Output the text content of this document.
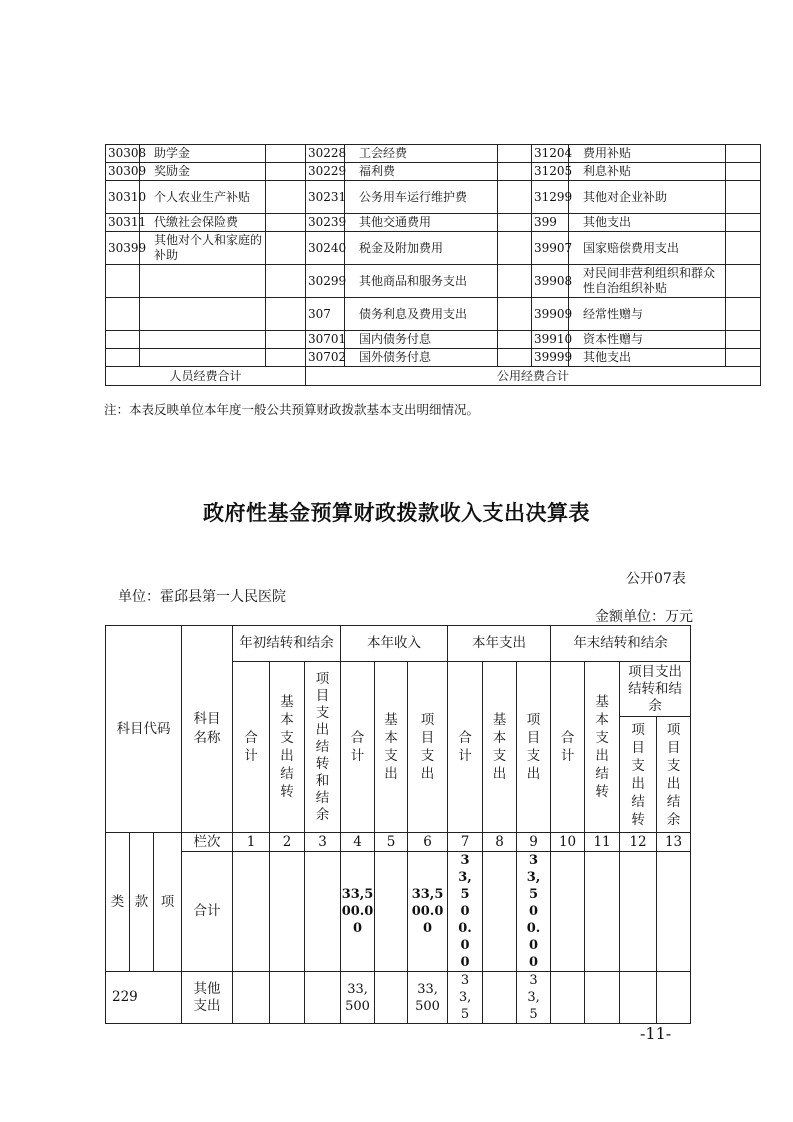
30308	助学金		30228	工会经费		31204	费用补贴	
30309	奖励金		30229	福利费		31205	利息补贴	
30310	个人农业生产补贴		30231	公务用车运行维护费		31299	其他对企业补助	
30311	代缴社会保险费		30239	其他交通费用		399	其他支出	
30399	其他对个人和家庭的补助		30240	税金及附加费用		39907	国家赔偿费用支出	
			30299	其他商品和服务支出		39908	对民间非营利组织和群众性自治组织补贴	
			307	债务利息及费用支出		39909	经常性赠与	
			30701	国内债务付息		39910	资本性赠与	
			30702	国外债务付息		39999	其他支出	
人员经费合计			公用经费合计					
注：本表反映单位本年度一般公共预算财政拨款基本支出明细情况。
政府性基金预算财政拨款收入支出决算表
公开07表
单位：霍邱县第一人民医院
金额单位：万元
科目代码			科目名称	年初结转和结余			本年收入			本年支出			年末结转和结余			
				合计	基本支出结转	项目支出结转和结余	合计	基本支出	项目支出	合计	基本支出	项目支出	合计	基本支出结转	项目支出结转和结余	
															项目支出结转	项目支出结余
类	款	项	栏次	1	2	3	4	5	6	7	8	9	10	11	12	13
			合计				33,500.00		33,500.00	33,500.00		33,500.00				
229			其他支出				33,500		33,500	33,5		33,5				
-11-
